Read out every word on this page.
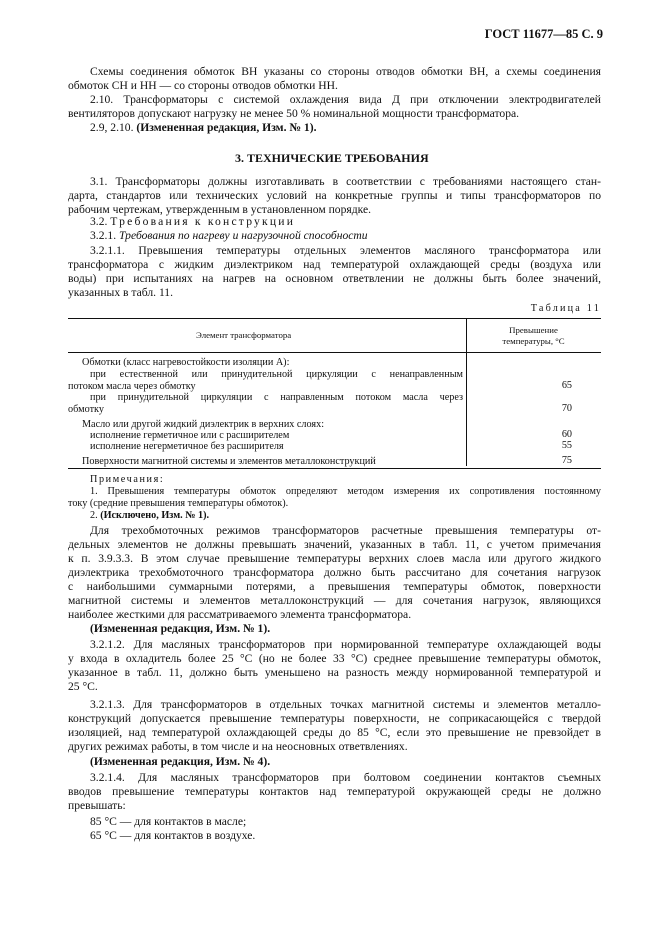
ГОСТ 11677—85 С. 9
Схемы соединения обмоток ВН указаны со стороны отводов обмотки ВН, а схемы соединения
обмоток СН и НН — со стороны отводов обмотки НН.
2.10. Трансформаторы с системой охлаждения вида Д при отключении электродвигателей
вентиляторов допускают нагрузку не менее 50 % номинальной мощности трансформатора.
2.9, 2.10. (Измененная редакция, Изм. № 1).
3. ТЕХНИЧЕСКИЕ ТРЕБОВАНИЯ
3.1. Трансформаторы должны изготавливать в соответствии с требованиями настоящего стан-
дарта, стандартов или технических условий на конкретные группы и типы трансформаторов по
рабочим чертежам, утвержденным в установленном порядке.
3.2. Требования к конструкции
3.2.1. Требования по нагреву и нагрузочной способности
3.2.1.1. Превышения температуры отдельных элементов масляного трансформатора или
трансформатора с жидким диэлектриком над температурой охлаждающей среды (воздуха или
воды) при испытаниях на нагрев на основном ответвлении не должны быть более значений,
указанных в табл. 11.
Таблица 11
Элемент трансформатора	Превышение
температуры, °С
Обмотки (класс нагревостойкости изоляции А):
при естественной или принудительной циркуляции с ненаправленным
потоком масла через обмотку	65
при принудительной циркуляции с направленным потоком масла через
обмотку	70
Масло или другой жидкий диэлектрик в верхних слоях:
исполнение герметичное или с расширителем	60
исполнение негерметичное без расширителя	55
Поверхности магнитной системы и элементов металлоконструкций	75
Примечания:
1. Превышения температуры обмоток определяют методом измерения их сопротивления постоянному
току (средние превышения температуры обмоток).
2. (Исключено, Изм. № 1).
Для трехобмоточных режимов трансформаторов расчетные превышения температуры от-
дельных элементов не должны превышать значений, указанных в табл. 11, с учетом примечания
к п. 3.9.3.3. В этом случае превышение температуры верхних слоев масла или другого жидкого
диэлектрика трехобмоточного трансформатора должно быть рассчитано для сочетания нагрузок
с наибольшими суммарными потерями, а превышения температуры обмоток, поверхности
магнитной системы и элементов металлоконструкций — для сочетания нагрузок, являющихся
наиболее жесткими для рассматриваемого элемента трансформатора.
(Измененная редакция, Изм. № 1).
3.2.1.2. Для масляных трансформаторов при нормированной температуре охлаждающей воды
у входа в охладитель более 25 °С (но не более 33 °С) среднее превышение температуры обмоток,
указанное в табл. 11, должно быть уменьшено на разность между нормированной температурой и
25 °С.
3.2.1.3. Для трансформаторов в отдельных точках магнитной системы и элементов металло-
конструкций допускается превышение температуры поверхности, не соприкасающейся с твердой
изоляцией, над температурой охлаждающей среды до 85 °С, если это превышение не превзойдет в
других режимах работы, в том числе и на неосновных ответвлениях.
(Измененная редакция, Изм. № 4).
3.2.1.4. Для масляных трансформаторов при болтовом соединении контактов съемных
вводов превышение температуры контактов над температурой окружающей среды не должно
превышать:
85 °С — для контактов в масле;
65 °С — для контактов в воздухе.
